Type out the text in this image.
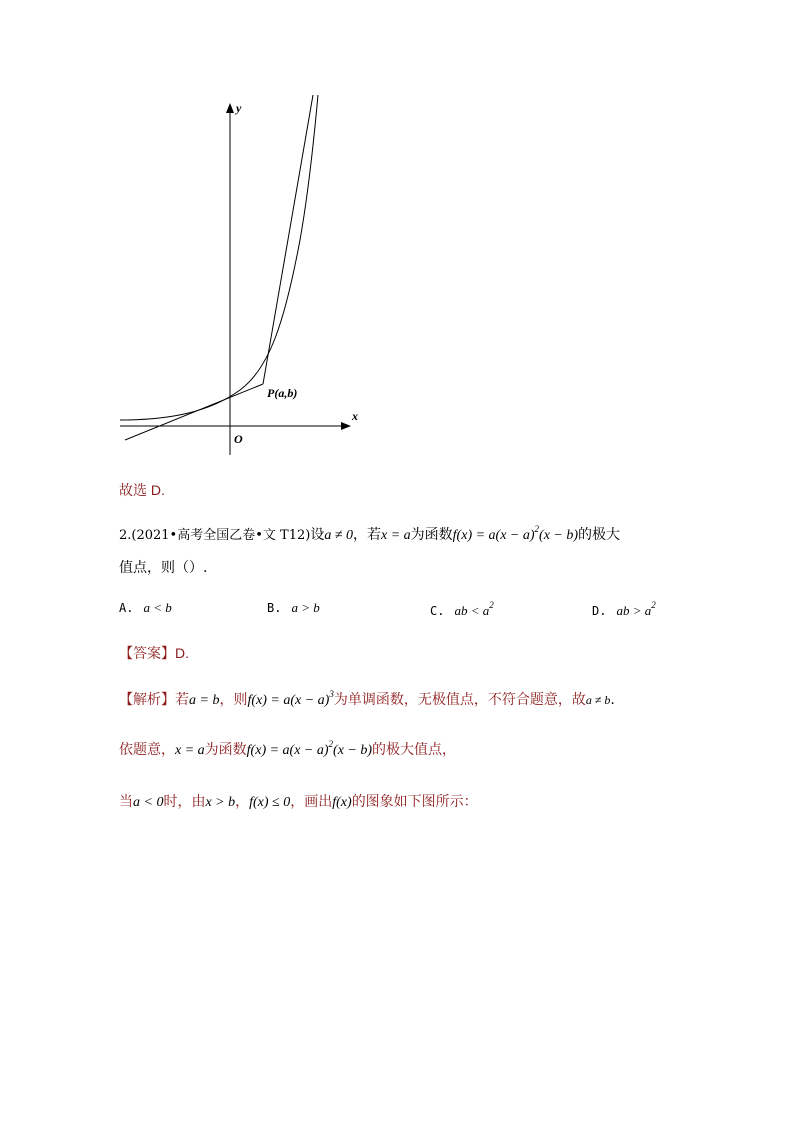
y
x
O
P(a,b)
故选 D.
2.(2021•高考全国乙卷•文 T12)设a ≠ 0，若x = a为函数$f(x) = a(x - a)^2(x - b)$的极大
值点，则（）.
A. a < b	B. a > b	C. ab < $a^2$	D. ab > $a^2$
【答案】D.
【解析】若a = b，则$f(x) = a(x - a)^3$为单调函数，无极值点，不符合题意，故a ≠ b.
依题意，x = a为函数$f(x) = a(x - a)^2(x - b)$的极大值点，
当a < 0时，由x > b，f(x) ≤ 0，画出f(x)的图象如下图所示：
